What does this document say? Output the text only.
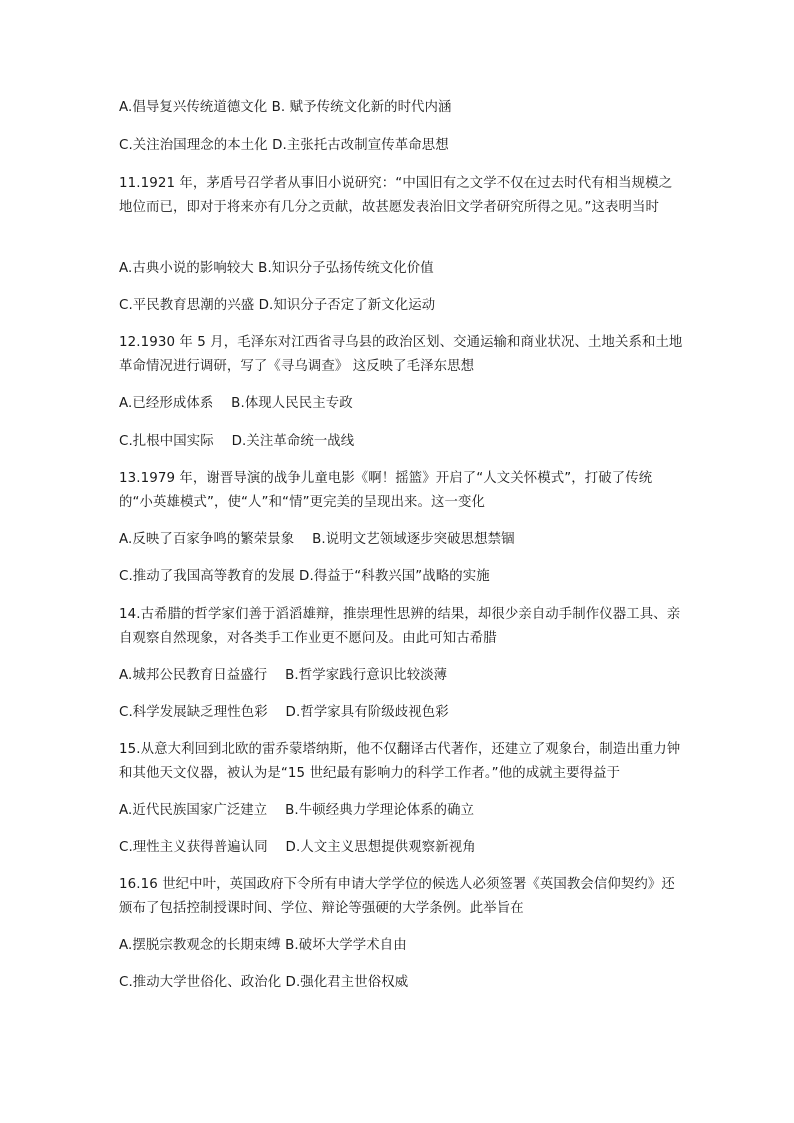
A.倡导复兴传统道德文化 B. 赋予传统文化新的时代内涵
C.关注治国理念的本土化 D.主张托古改制宣传革命思想
11.1921 年，茅盾号召学者从事旧小说研究：“中国旧有之文学不仅在过去时代有相当规模之地位而已，即对于将来亦有几分之贡献，故甚愿发表治旧文学者研究所得之见。”这表明当时
A.古典小说的影响较大 B.知识分子弘扬传统文化价值
C.平民教育思潮的兴盛 D.知识分子否定了新文化运动
12.1930 年 5 月，毛泽东对江西省寻乌县的政治区划、交通运输和商业状况、土地关系和土地革命情况进行调研，写了《寻乌调查》 这反映了毛泽东思想
A.已经形成体系　 B.体现人民民主专政
C.扎根中国实际　 D.关注革命统一战线
13.1979 年，谢晋导演的战争儿童电影《啊！摇篮》开启了“人文关怀模式”，打破了传统的“小英雄模式”，使“人”和“情”更完美的呈现出来。这一变化
A.反映了百家争鸣的繁荣景象　 B.说明文艺领域逐步突破思想禁锢
C.推动了我国高等教育的发展 D.得益于“科教兴国”战略的实施
14.古希腊的哲学家们善于滔滔雄辩，推崇理性思辨的结果，却很少亲自动手制作仪器工具、亲自观察自然现象，对各类手工作业更不愿问及。由此可知古希腊
A.城邦公民教育日益盛行　 B.哲学家践行意识比较淡薄
C.科学发展缺乏理性色彩　 D.哲学家具有阶级歧视色彩
15.从意大利回到北欧的雷乔蒙塔纳斯，他不仅翻译古代著作，还建立了观象台，制造出重力钟和其他天文仪器，被认为是“15 世纪最有影响力的科学工作者。”他的成就主要得益于
A.近代民族国家广泛建立　 B.牛顿经典力学理论体系的确立
C.理性主义获得普遍认同　 D.人文主义思想提供观察新视角
16.16 世纪中叶，英国政府下令所有申请大学学位的候选人必须签署《英国教会信仰契约》还颁布了包括控制授课时间、学位、辩论等强硬的大学条例。此举旨在
A.摆脱宗教观念的长期束缚 B.破坏大学学术自由
C.推动大学世俗化、政治化 D.强化君主世俗权威
